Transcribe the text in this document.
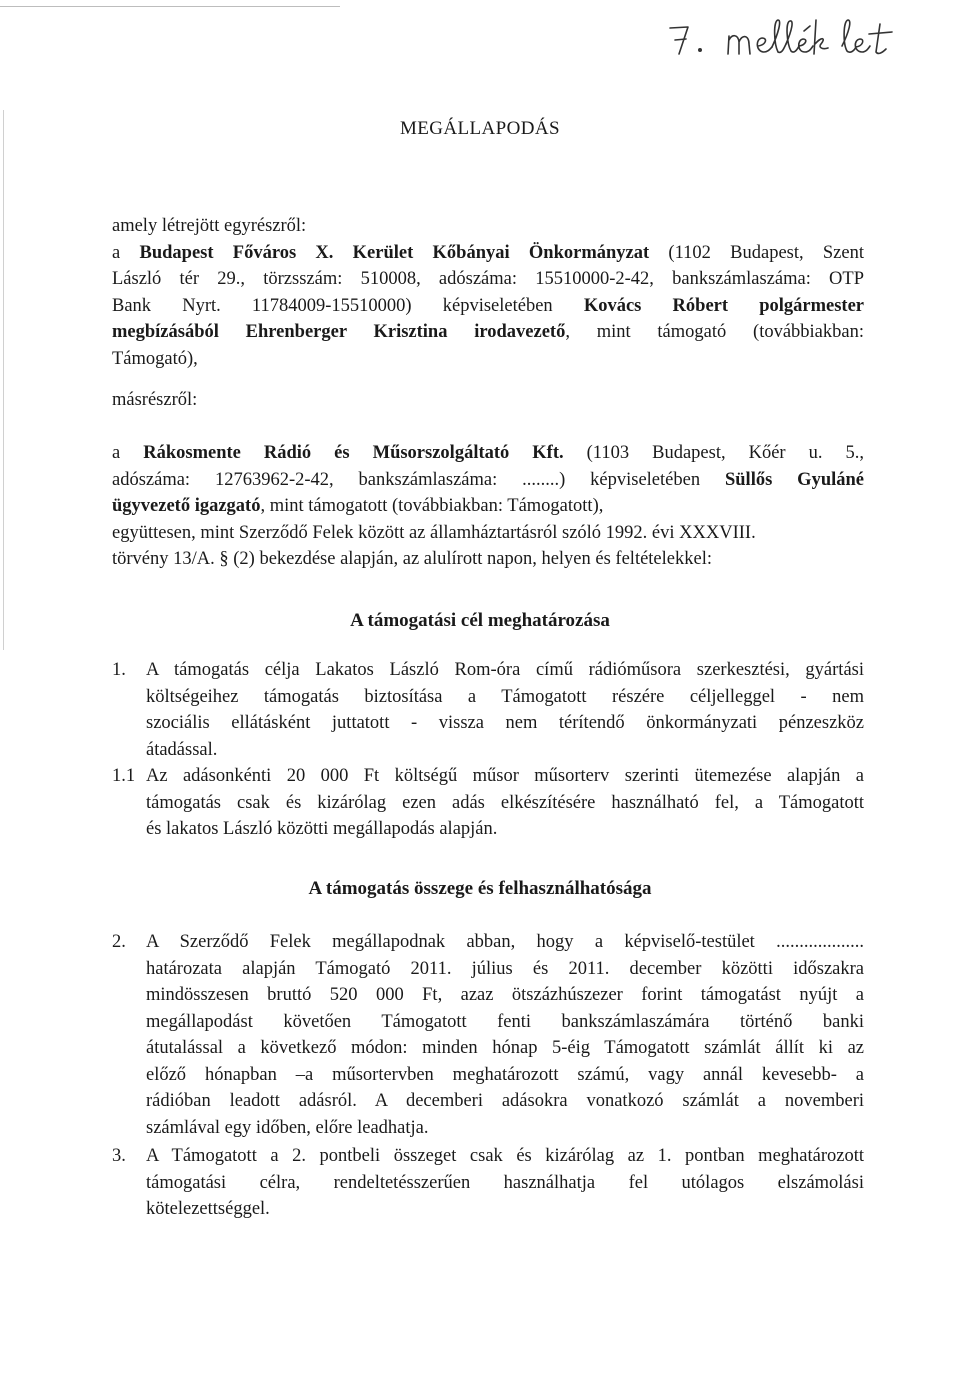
MEGÁLLAPODÁS
amely létrejött egyrészről:
a Budapest Főváros X. Kerület Kőbányai Önkormányzat (1102 Budapest, Szent
László tér 29., törzsszám: 510008, adószáma: 15510000-2-42, bankszámlaszáma: OTP
Bank Nyrt. 11784009-15510000) képviseletében Kovács Róbert polgármester
megbízásából Ehrenberger Krisztina irodavezető, mint támogató (továbbiakban:
Támogató),
másrészről:
a Rákosmente Rádió és Műsorszolgáltató Kft. (1103 Budapest, Kőér u. 5.,
adószáma: 12763962-2-42, bankszámlaszáma: ........) képviseletében Süllős Gyuláné
ügyvezető igazgató, mint támogatott (továbbiakban: Támogatott),
együttesen, mint Szerződő Felek között az államháztartásról szóló 1992. évi XXXVIII.
törvény 13/A. § (2) bekezdése alapján, az alulírott napon, helyen és feltételekkel:
A támogatási cél meghatározása
1. A támogatás célja Lakatos László Rom-óra című rádióműsora szerkesztési, gyártási
költségeihez támogatás biztosítása a Támogatott részére céljelleggel - nem
szociális ellátásként juttatott - vissza nem térítendő önkormányzati pénzeszköz
átadással.
1.1 Az adásonkénti 20 000 Ft költségű műsor műsorterv szerinti ütemezése alapján a
támogatás csak és kizárólag ezen adás elkészítésére használható fel, a Támogatott
és lakatos László közötti megállapodás alapján.
A támogatás összege és felhasználhatósága
2. A Szerződő Felek megállapodnak abban, hogy a képviselő-testület ...................
határozata alapján Támogató 2011. július és 2011. december közötti időszakra
mindösszesen bruttó 520 000 Ft, azaz ötszázhúszezer forint támogatást nyújt a
megállapodást követően Támogatott fenti bankszámlaszámára történő banki
átutalással a következő módon: minden hónap 5-éig Támogatott számlát állít ki az
előző hónapban –a műsortervben meghatározott számú, vagy annál kevesebb- a
rádióban leadott adásról. A decemberi adásokra vonatkozó számlát a novemberi
számlával egy időben, előre leadhatja.
3. A Támogatott a 2. pontbeli összeget csak és kizárólag az 1. pontban meghatározott
támogatási célra, rendeltetésszerűen használhatja fel utólagos elszámolási
kötelezettséggel.
